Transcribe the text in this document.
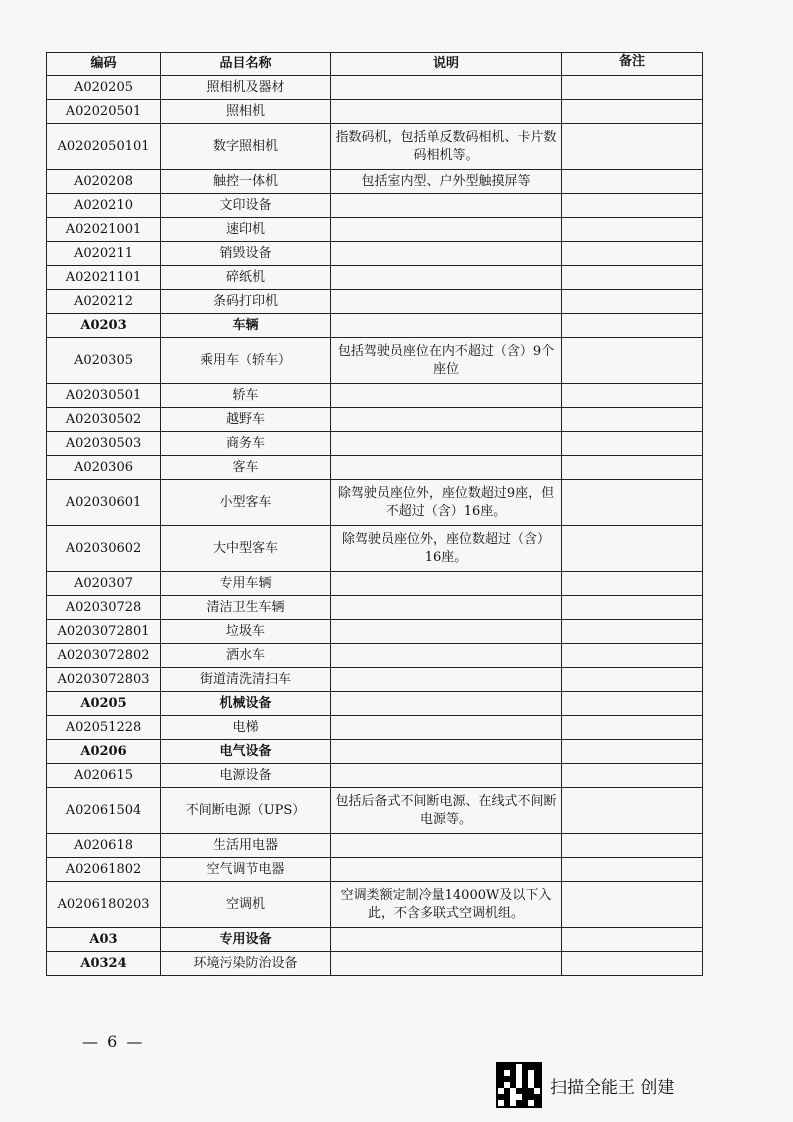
编码	品目名称	说明	备注
A020205	照相机及器材		
A02020501	照相机		
A0202050101	数字照相机	指数码机，包括单反数码相机、卡片数码相机等。	
A020208	触控一体机	包括室内型、户外型触摸屏等	
A020210	文印设备		
A02021001	速印机		
A020211	销毁设备		
A02021101	碎纸机		
A020212	条码打印机		
A0203	车辆		
A020305	乘用车（轿车）	包括驾驶员座位在内不超过（含）9个座位	
A02030501	轿车		
A02030502	越野车		
A02030503	商务车		
A020306	客车		
A02030601	小型客车	除驾驶员座位外，座位数超过9座，但不超过（含）16座。	
A02030602	大中型客车	除驾驶员座位外，座位数超过（含）16座。	
A020307	专用车辆		
A02030728	清洁卫生车辆		
A0203072801	垃圾车		
A0203072802	洒水车		
A0203072803	街道清洗清扫车		
A0205	机械设备		
A02051228	电梯		
A0206	电气设备		
A020615	电源设备		
A02061504	不间断电源（UPS）	包括后备式不间断电源、在线式不间断电源等。	
A020618	生活用电器		
A02061802	空气调节电器		
A0206180203	空调机	空调类额定制冷量14000W及以下入此，不含多联式空调机组。	
A03	专用设备		
A0324	环境污染防治设备		
— 6 —
扫描全能王 创建
